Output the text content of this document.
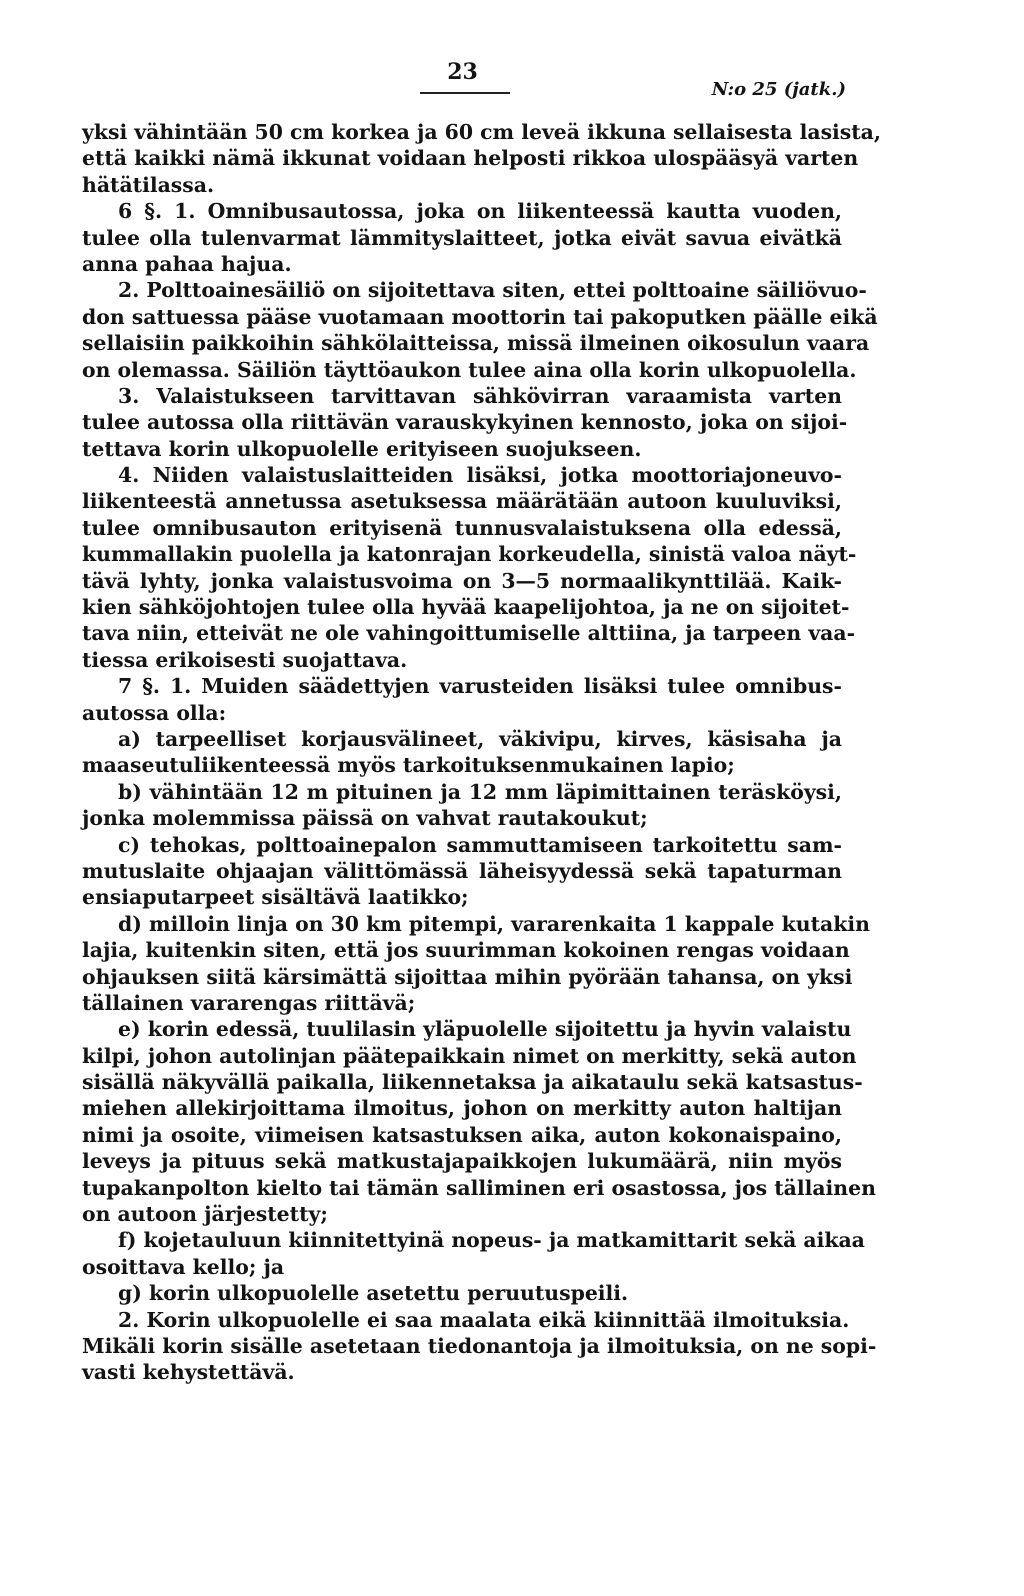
23
N:o 25 (jatk.)
yksi vähintään 50 cm korkea ja 60 cm leveä ikkuna sellaisesta lasista,
että kaikki nämä ikkunat voidaan helposti rikkoa ulospääsyä varten
hätätilassa.
6 §. 1. Omnibusautossa, joka on liikenteessä kautta vuoden,
tulee olla tulenvarmat lämmityslaitteet, jotka eivät savua eivätkä
anna pahaa hajua.
2. Polttoainesäiliö on sijoitettava siten, ettei polttoaine säiliövuo-
don sattuessa pääse vuotamaan moottorin tai pakoputken päälle eikä
sellaisiin paikkoihin sähkölaitteissa, missä ilmeinen oikosulun vaara
on olemassa. Säiliön täyttöaukon tulee aina olla korin ulkopuolella.
3. Valaistukseen tarvittavan sähkövirran varaamista varten
tulee autossa olla riittävän varauskykyinen kennosto, joka on sijoi-
tettava korin ulkopuolelle erityiseen suojukseen.
4. Niiden valaistuslaitteiden lisäksi, jotka moottoriajoneuvo-
liikenteestä annetussa asetuksessa määrätään autoon kuuluviksi,
tulee omnibusauton erityisenä tunnusvalaistuksena olla edessä,
kummallakin puolella ja katonrajan korkeudella, sinistä valoa näyt-
tävä lyhty, jonka valaistusvoima on 3—5 normaalikynttilää. Kaik-
kien sähköjohtojen tulee olla hyvää kaapelijohtoa, ja ne on sijoitet-
tava niin, etteivät ne ole vahingoittumiselle alttiina, ja tarpeen vaa-
tiessa erikoisesti suojattava.
7 §. 1. Muiden säädettyjen varusteiden lisäksi tulee omnibus-
autossa olla:
a) tarpeelliset korjausvälineet, väkivipu, kirves, käsisaha ja
maaseutuliikenteessä myös tarkoituksenmukainen lapio;
b) vähintään 12 m pituinen ja 12 mm läpimittainen teräsköysi,
jonka molemmissa päissä on vahvat rautakoukut;
c) tehokas, polttoainepalon sammuttamiseen tarkoitettu sam-
mutuslaite ohjaajan välittömässä läheisyydessä sekä tapaturman
ensiaputarpeet sisältävä laatikko;
d) milloin linja on 30 km pitempi, vararenkaita 1 kappale kutakin
lajia, kuitenkin siten, että jos suurimman kokoinen rengas voidaan
ohjauksen siitä kärsimättä sijoittaa mihin pyörään tahansa, on yksi
tällainen vararengas riittävä;
e) korin edessä, tuulilasin yläpuolelle sijoitettu ja hyvin valaistu
kilpi, johon autolinjan päätepaikkain nimet on merkitty, sekä auton
sisällä näkyvällä paikalla, liikennetaksa ja aikataulu sekä katsastus-
miehen allekirjoittama ilmoitus, johon on merkitty auton haltijan
nimi ja osoite, viimeisen katsastuksen aika, auton kokonaispaino,
leveys ja pituus sekä matkustajapaikkojen lukumäärä, niin myös
tupakanpolton kielto tai tämän salliminen eri osastossa, jos tällainen
on autoon järjestetty;
f) kojetauluun kiinnitettyinä nopeus- ja matkamittarit sekä aikaa
osoittava kello; ja
g) korin ulkopuolelle asetettu peruutuspeili.
2. Korin ulkopuolelle ei saa maalata eikä kiinnittää ilmoituksia.
Mikäli korin sisälle asetetaan tiedonantoja ja ilmoituksia, on ne sopi-
vasti kehystettävä.
